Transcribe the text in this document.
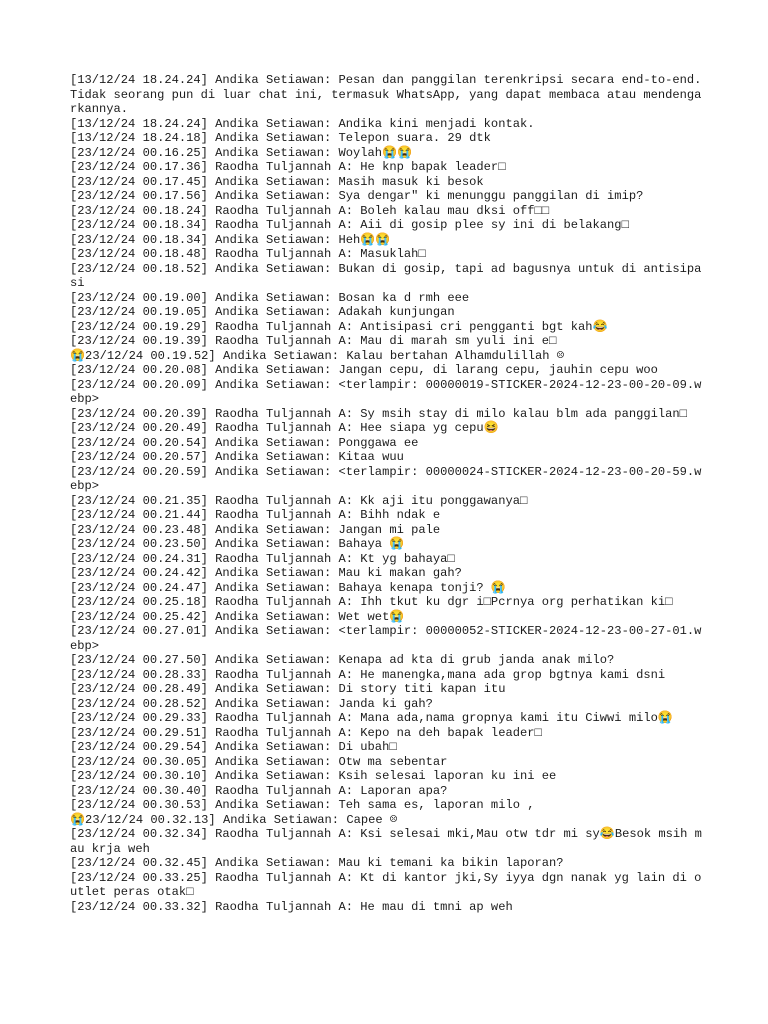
[13/12/24 18.24.24] Andika Setiawan: Pesan dan panggilan terenkripsi secara end-to-end. Tidak seorang pun di luar chat ini, termasuk WhatsApp, yang dapat membaca atau mendengarkannya.
[13/12/24 18.24.24] Andika Setiawan: Andika kini menjadi kontak.
[13/12/24 18.24.18] Andika Setiawan: Telepon suara. 29 dtk
[23/12/24 00.16.25] Andika Setiawan: Woylah😭😭
[23/12/24 00.17.36] Raodha Tuljannah A: He knp bapak leader□
[23/12/24 00.17.45] Andika Setiawan: Masih masuk ki besok
[23/12/24 00.17.56] Andika Setiawan: Sya dengar" ki menunggu panggilan di imip?
[23/12/24 00.18.24] Raodha Tuljannah A: Boleh kalau mau dksi off□□
[23/12/24 00.18.34] Raodha Tuljannah A: Aii di gosip plee sy ini di belakang□
[23/12/24 00.18.34] Andika Setiawan: Heh😭😭
[23/12/24 00.18.48] Raodha Tuljannah A: Masuklah□
[23/12/24 00.18.52] Andika Setiawan: Bukan di gosip, tapi ad bagusnya untuk di antisipasi
[23/12/24 00.19.00] Andika Setiawan: Bosan ka d rmh eee
[23/12/24 00.19.05] Andika Setiawan: Adakah kunjungan
[23/12/24 00.19.29] Raodha Tuljannah A: Antisipasi cri pengganti bgt kah😂
[23/12/24 00.19.39] Raodha Tuljannah A: Mau di marah sm yuli ini e□
😭23/12/24 00.19.52] Andika Setiawan: Kalau bertahan Alhamdulillah ☹
[23/12/24 00.20.08] Andika Setiawan: Jangan cepu, di larang cepu, jauhin cepu woo
[23/12/24 00.20.09] Andika Setiawan: <terlampir: 00000019-STICKER-2024-12-23-00-20-09.webp>
[23/12/24 00.20.39] Raodha Tuljannah A: Sy msih stay di milo kalau blm ada panggilan□
[23/12/24 00.20.49] Raodha Tuljannah A: Hee siapa yg cepu😆
[23/12/24 00.20.54] Andika Setiawan: Ponggawa ee
[23/12/24 00.20.57] Andika Setiawan: Kitaa wuu
[23/12/24 00.20.59] Andika Setiawan: <terlampir: 00000024-STICKER-2024-12-23-00-20-59.webp>
[23/12/24 00.21.35] Raodha Tuljannah A: Kk aji itu ponggawanya□
[23/12/24 00.21.44] Raodha Tuljannah A: Bihh ndak e
[23/12/24 00.23.48] Andika Setiawan: Jangan mi pale
[23/12/24 00.23.50] Andika Setiawan: Bahaya 😭
[23/12/24 00.24.31] Raodha Tuljannah A: Kt yg bahaya□
[23/12/24 00.24.42] Andika Setiawan: Mau ki makan gah?
[23/12/24 00.24.47] Andika Setiawan: Bahaya kenapa tonji? 😭
[23/12/24 00.25.18] Raodha Tuljannah A: Ihh tkut ku dgr i□Pcrnya org perhatikan ki□
[23/12/24 00.25.42] Andika Setiawan: Wet wet😭
[23/12/24 00.27.01] Andika Setiawan: <terlampir: 00000052-STICKER-2024-12-23-00-27-01.webp>
[23/12/24 00.27.50] Andika Setiawan: Kenapa ad kta di grub janda anak milo?
[23/12/24 00.28.33] Raodha Tuljannah A: He manengka,mana ada grop bgtnya kami dsni
[23/12/24 00.28.49] Andika Setiawan: Di story titi kapan itu
[23/12/24 00.28.52] Andika Setiawan: Janda ki gah?
[23/12/24 00.29.33] Raodha Tuljannah A: Mana ada,nama gropnya kami itu Ciwwi milo😭
[23/12/24 00.29.51] Raodha Tuljannah A: Kepo na deh bapak leader□
[23/12/24 00.29.54] Andika Setiawan: Di ubah□
[23/12/24 00.30.05] Andika Setiawan: Otw ma sebentar
[23/12/24 00.30.10] Andika Setiawan: Ksih selesai laporan ku ini ee
[23/12/24 00.30.40] Raodha Tuljannah A: Laporan apa?
[23/12/24 00.30.53] Andika Setiawan: Teh sama es, laporan milo ,
😭23/12/24 00.32.13] Andika Setiawan: Capee ☹
[23/12/24 00.32.34] Raodha Tuljannah A: Ksi selesai mki,Mau otw tdr mi sy😂Besok msih mau krja weh
[23/12/24 00.32.45] Andika Setiawan: Mau ki temani ka bikin laporan?
[23/12/24 00.33.25] Raodha Tuljannah A: Kt di kantor jki,Sy iyya dgn nanak yg lain di outlet peras otak□
[23/12/24 00.33.32] Raodha Tuljannah A: He mau di tmni ap weh
